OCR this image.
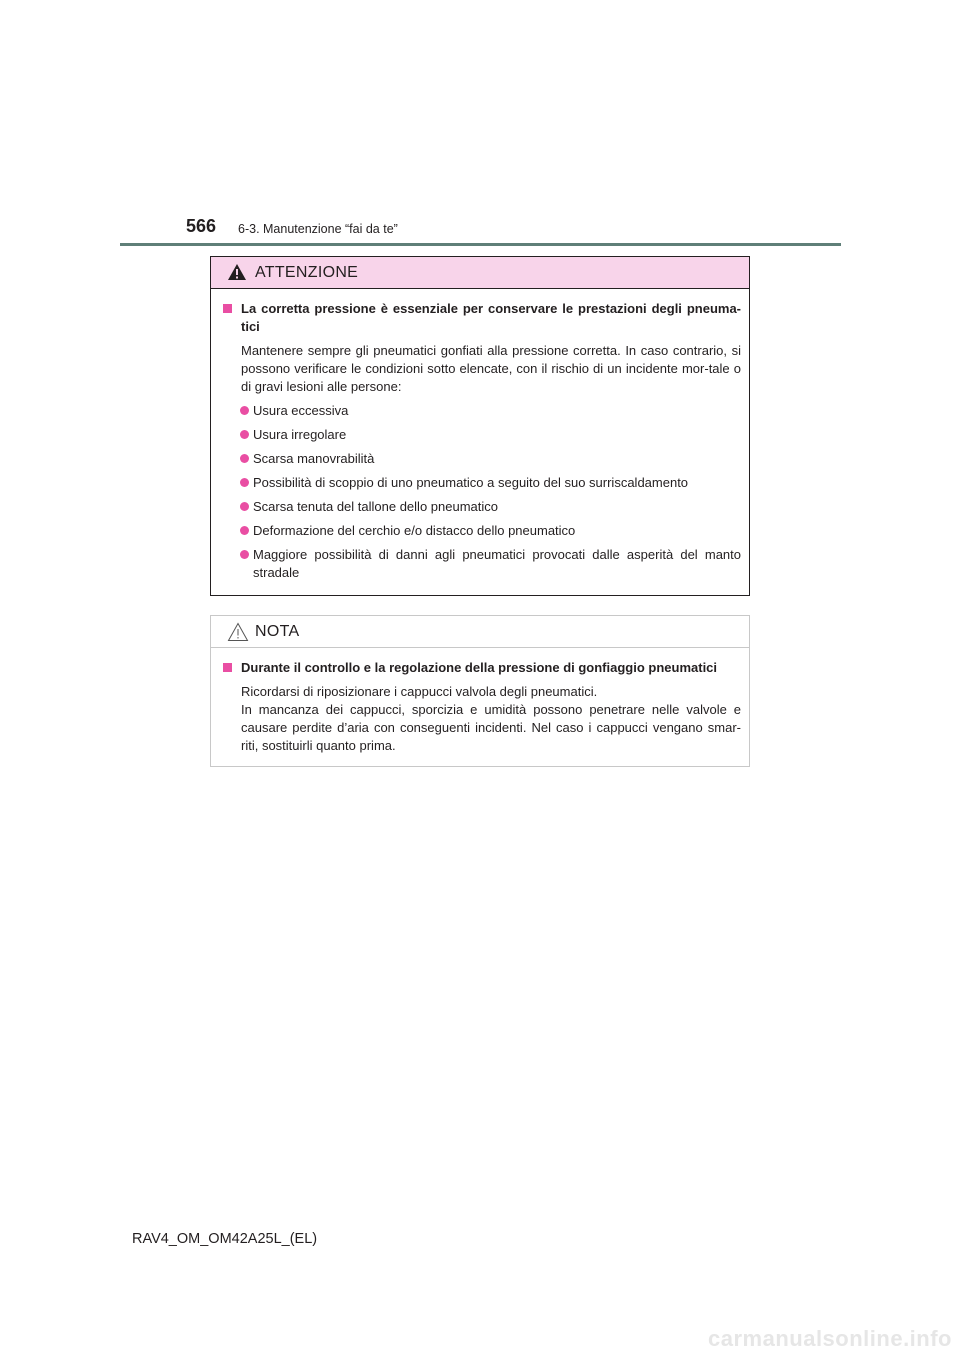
566 6-3. Manutenzione “fai da te”
ATTENZIONE
La corretta pressione è essenziale per conservare le prestazioni degli pneuma-tici
Mantenere sempre gli pneumatici gonfiati alla pressione corretta. In caso contrario, si possono verificare le condizioni sotto elencate, con il rischio di un incidente mor-tale o di gravi lesioni alle persone:
Usura eccessiva
Usura irregolare
Scarsa manovrabilità
Possibilità di scoppio di uno pneumatico a seguito del suo surriscaldamento
Scarsa tenuta del tallone dello pneumatico
Deformazione del cerchio e/o distacco dello pneumatico
Maggiore possibilità di danni agli pneumatici provocati dalle asperità del manto stradale
NOTA
Durante il controllo e la regolazione della pressione di gonfiaggio pneumatici
Ricordarsi di riposizionare i cappucci valvola degli pneumatici.
In mancanza dei cappucci, sporcizia e umidità possono penetrare nelle valvole e causare perdite d’aria con conseguenti incidenti. Nel caso i cappucci vengano smar-riti, sostituirli quanto prima.
RAV4_OM_OM42A25L_(EL)
carmanualsonline.info
